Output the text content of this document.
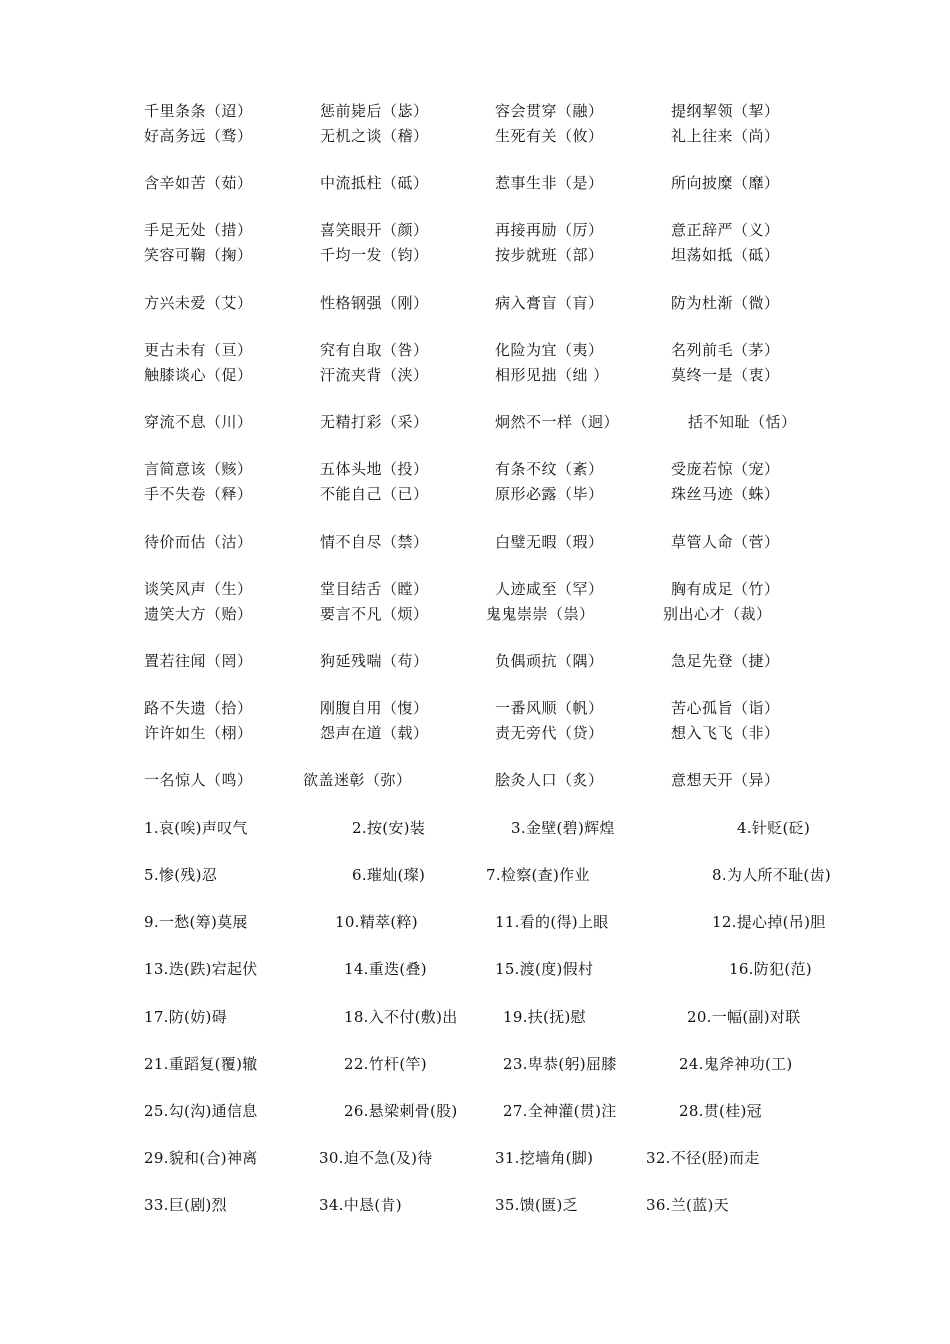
千里条条（迢）	惩前毙后（毖）	容会贯穿（融）	提纲挈领（挈）
好高务远（骛）	无机之谈（稽）	生死有关（攸）	礼上往来（尚）
含辛如苦（茹）	中流抵柱（砥）	惹事生非（是）	所向披糜（靡）
手足无处（措）	喜笑眼开（颜）	再接再励（厉）	意正辞严（义）
笑容可鞠（掬）	千均一发（钧）	按步就班（部）	坦荡如抵（砥）
方兴未爱（艾）	性格钢强（刚）	病入膏盲（肓）	防为杜渐（微）
更古未有（亘）	究有自取（咎）	化险为宜（夷）	名列前毛（茅）
触膝谈心（促）	汗流夹背（浃）	相形见拙（绌 ）	莫终一是（衷）
穿流不息（川）	无精打彩（采）	炯然不一样（迥）	括不知耻（恬）
言简意该（赅）	五体头地（投）	有条不纹（紊）	受庞若惊（宠）
手不失卷（释）	不能自己（已）	原形必露（毕）	珠丝马迹（蛛）
待价而估（沽）	情不自尽（禁）	白璧无暇（瑕）	草管人命（菅）
谈笑风声（生）	堂目结舌（瞠）	人迹咸至（罕）	胸有成足（竹）
遗笑大方（贻）	要言不凡（烦）	鬼鬼崇崇（祟）	别出心才（裁）
置若往闻（罔）	狗延残喘（苟）	负偶顽抗（隅）	急足先登（捷）
路不失遗（拾）	刚腹自用（愎）	一番风顺（帆）	苦心孤旨（诣）
许许如生（栩）	怨声在道（载）	责无旁代（贷）	想入飞飞（非）
一名惊人（鸣）	欲盖迷彰（弥）	脍灸人口（炙）	意想天开（异）
1.哀(唉)声叹气	2.按(安)装	3.金壁(碧)辉煌	4.针贬(砭)
5.惨(残)忍	6.璀灿(璨)	7.检察(查)作业	8.为人所不耻(齿)
9.一愁(筹)莫展	10.精萃(粹)	11.看的(得)上眼	12.提心掉(吊)胆
13.迭(跌)宕起伏	14.重迭(叠)	15.渡(度)假村	16.防犯(范)
17.防(妨)碍	18.入不付(敷)出	19.扶(抚)慰	20.一幅(副)对联
21.重蹈复(覆)辙	22.竹杆(竿)	23.卑恭(躬)屈膝	24.鬼斧神功(工)
25.勾(沟)通信息	26.悬梁刺骨(股)	27.全神灌(贯)注	28.贯(桂)冠
29.貌和(合)神离	30.迫不急(及)待	31.挖墙角(脚)	32.不径(胫)而走
33.巨(剧)烈	34.中恳(肯)	35.馈(匮)乏	36.兰(蓝)天
